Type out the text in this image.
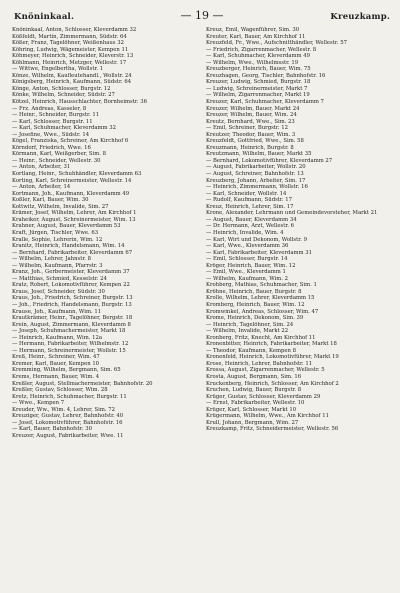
Knöninkaal.	— 19 —	Kreuzkamp.
Knöninkaal, Anton, Schlosser, Kleverdamm 32
Kößfeldt, Martin, Zimmermann, Südstr. 64
Kößer, Franz, Tagelöhner, Weißenhaus 32
Köhring, Ludwig, Wägemeister, Kempen 11
Köhmeyer, Heinrich, Schneider, Kleverstr. 13
Köhlmann, Heinrich, Metzger, Wellestr. 17
— Wittwe, Engelbertha, Wollstr. 1
Könze, Wilhelm, Kaufleutehandl., Wollstr. 24
Königsberg, Heinrich, Kaufmann, Südstr. 64
Könge, Anton, Schlosser, Burgstr. 12
Könke, Wilhelm, Schneider, Südstr. 27
Kötzel, Heinrich, Hausschlachter, Bornheimstr. 36
— Frz. Andreas, Kasseler, 8
— Heinr., Schneider, Burgstr. 11
— Karl, Schlosser, Burgstr. 11
— Karl, Schuhmacher, Kleverdamm 32
— Josefine, Wwe., Südstr. 14
Kögel, Franziska, Schreiner, Am Kirchhof 6
Körndorf, Friedrich, Wwe. 16
Körmann, Karl, Weißgerber, Sim. 8
— Heinr., Schneider, Wellestr. 30
— Anton, Arbeiter, 31
Kortlang, Heinr., Schuhhändler, Kleverdamm 63
Korting, Karl, Schreinermeister, Wellestr. 14
— Anton, Arbeiter, 14
Kortmann, Joh., Kaufmann, Kleverdamm 49
Koßler, Karl, Bauer, Wim. 30
Kottwitz, Wilhelm, Invalide, Sim. 27
Krämer, Josef, Wilhelm, Lehrer, Am Kirchhof 1
Kraheiker, August, Schreinermeister, Wim. 13
Krahner, August, Bauer, Kleverdamm 53
Kraft, Jürgen, Tischler, Wwe. 63
Kralle, Sophie, Lehrerin, Wim. 12
Kranitz, Heinrich, Handelsmann, Wim. 14
— Bernhard, Fabrikarbeiter, Kleverdamm 67
— Wilhelm, Lehrer, Jahnstr. 8
— Wilhelm, Kaufmann, Pfarrstr. 3
Kranz, Joh., Gerbermeister, Kleverdamm 37
— Matthias, Schmied, Kesselstr. 24
Kratz, Robert, Lokomotivführer, Kempen 22
Kraus, Josef, Schneider, Südstr. 30
Kraus, Joh., Friedrich, Schreiner, Burgstr. 13
— Joh., Friedrich, Handelsmann, Burgstr. 13
Krause, Joh., Kaufmann, Wim. 11
Krautkrämer, Heinr., Tagelöhner, Bergstr. 18
Krein, August, Zimmermann, Kleverdamm 8
— Joseph, Schuhmachermeister, Markt 18
— Heinrich, Kaufmann, Wim. 12a
— Hermann, Fabrikarbeiter, Wilhelmstr. 12
— Hermann, Schreinermeister, Wollstr. 15
Kreß, Heinr., Schreiner, Wim. 47
Kremer, Karl, Bauer, Kempen 10
Kremming, Wilhelm, Bergmann, Sim. 65
Krems, Hermann, Bauer, Wim. 4
Kreßler, August, Stellmachermeister, Bahnhofstr. 20
Kreßler, Gustav, Schlosser, Wim. 28
Kretz, Heinrich, Schuhmacher, Burgstr. 11
— Wwe., Kempen 7
Kreuder, Ww., Wim. 4, Lehrer, Sim. 72
Kreuziger, Gustav, Lehrer, Bahnhofstr. 40
— Josef, Lokomotivführer, Bahnhofstr. 16
— Karl, Bauer, Bahnhofstr. 30
Kreuzer, August, Fabrikarbeiter, Wwe. 11
Kreuz, Emil, Wagenführer, Sim. 30
Kreuter, Karl, Bauer, Am Kirchhof 11
Kreuzfeld, Fr., Wwe., Aufschnitthändler, Wellestr. 57
— Friedrich, Zigarrenmacher, Wellestr. 8
— Karl, Schuhmacher, Kleverdamm 49
— Wilhelm, Wwe., Wilhelmsstr. 19
Kreuzberger, Heinrich, Bauer, Wim. 75
Kreuzhagen, Georg, Tischler, Bahnhofstr. 16
Kreuzer, Ludwig, Schmied, Burgstr. 18
— Ludwig, Schreinermeister, Markt 7
— Wilhelm, Zigarrenmacher, Markt 19
Kreuzer, Karl, Schuhmacher, Kleverdamm 7
Kreuzer, Wilhelm, Bauer, Markt 24
Kreuzer, Wilhelm, Bauer, Wim. 24
Kreutz, Bernhard, Wwe., Sim. 23
— Emil, Schreiner, Burgstr. 12
Kreutzer, Theodor, Bauer, Wim. 3
Kreuzfeldt, Gottfried, Wwe., Sim. 58
Kreuzmann, Heinrich, Burgstr. 8
Kreutzmann, Wilhelm, Bauer, Markt 35
— Bernhard, Lokomotivführer, Kleverdamm 27
— August, Fabrikarbeiter, Wollstr. 20
— August, Schreiner, Bahnhofstr. 13
Kreuzberg, Johann, Arbeiter, Sim. 17
— Heinrich, Zimmermann, Wollstr. 16
— Karl, Schneider, Wollstr. 14
— Rudolf, Kaufmann, Südstr. 17
Kreuz, Heinrich, Lehrer, Sim. 17
Krone, Alexander, Lehrmann und Gemeindevorsteher, Markt 21
— August, Bauer, Kleverdamm 34
— Dr. Hermann, Arzt, Wellestr. 6
— Heinrich, Invalide, Wim. 4
— Karl, Wirt und Dekonom, Wollstr. 9
— Karl, Wwe., Kleverdamm 36
— Karl, Fabrikarbeiter, Kleverdamm 31
— Emil, Schlosser, Burgstr. 14
Kröger, Heinrich, Bauer, Wim. 12
— Emil, Wwe., Kleverdamm 1
— Wilhelm, Kaufmann, Wim. 2
Krohberg, Mathias, Schuhmacher, Sim. 1
Kröhne, Heinrich, Bauer, Burgstr. 8
Krolle, Wilhelm, Lehrer, Kleverdamm 15
Kromberg, Heinrich, Bauer, Wim. 12
Kromwinkel, Andreas, Schlosser, Wim. 47
Krome, Heinrich, Dekonom, Sim. 39
— Heinrich, Tagelöhner, Sim. 24
— Wilhelm, Invalide, Markt 22
Kronberg, Fritz, Knecht, Am Kirchhof 11
Kronenbitter, Heinrich, Fabrikarbeiter, Markt 18
— Theodor, Kaufmann, Kempen 8
Kronenfeld, Heinrich, Lokomotivführer, Markt 19
Krose, Heinrich, Lehrer, Bahnhofstr. 11
Krossa, August, Zigarrenmacher, Wellestr. 5
Krosta, August, Bergmann, Sim. 16
Kruckenberg, Heinrich, Schlosser, Am Kirchhof 2
Kruchen, Ludwig, Bauer, Burgstr. 8
Krüger, Gustav, Schlosser, Kleverdamm 29
— Ernst, Fabrikarbeiter, Wellestr. 10
Krüger, Karl, Schlosser, Markt 10
Krügermann, Wilhelm, Wwe., Am Kirchhof 11
Krull, Johann, Bergmann, Wim. 27
Kreuzkamp, Fritz, Schneidermeister, Wellestr. 56
